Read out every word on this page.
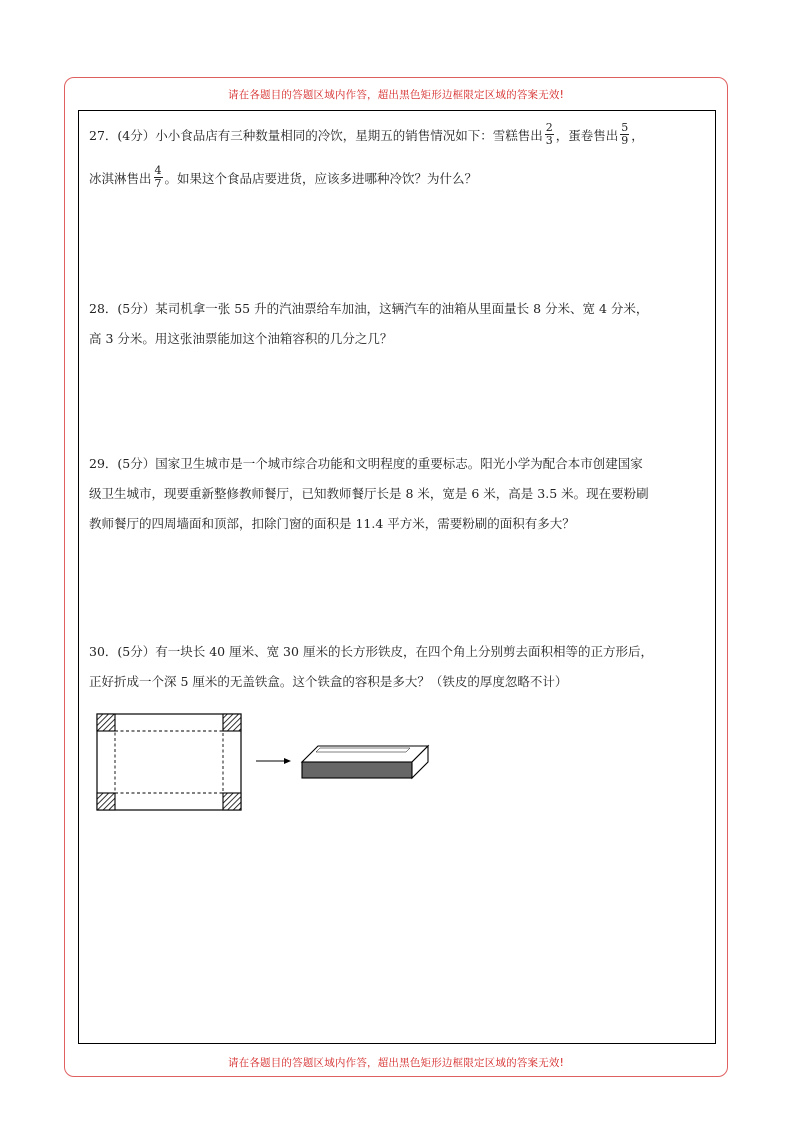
请在各题目的答题区域内作答，超出黑色矩形边框限定区域的答案无效!
27．(4分）小小食品店有三种数量相同的冷饮，星期五的销售情况如下：雪糕售出 $\frac{2}{3}$ ，蛋卷售出 $\frac{5}{9}$ ，
冰淇淋售出 $\frac{4}{7}$ 。如果这个食品店要进货，应该多进哪种冷饮？为什么？
28．(5分）某司机拿一张 55 升的汽油票给车加油，这辆汽车的油箱从里面量长 8 分米、宽 4 分米，
高 3 分米。用这张油票能加这个油箱容积的几分之几？
29．(5分）国家卫生城市是一个城市综合功能和文明程度的重要标志。阳光小学为配合本市创建国家
级卫生城市，现要重新整修教师餐厅，已知教师餐厅长是 8 米，宽是 6 米，高是 3.5 米。现在要粉刷
教师餐厅的四周墙面和顶部，扣除门窗的面积是 11.4 平方米，需要粉刷的面积有多大？
30．(5分）有一块长 40 厘米、宽 30 厘米的长方形铁皮，在四个角上分别剪去面积相等的正方形后，
正好折成一个深 5 厘米的无盖铁盒。这个铁盒的容积是多大？（铁皮的厚度忽略不计）
请在各题目的答题区域内作答，超出黑色矩形边框限定区域的答案无效!
